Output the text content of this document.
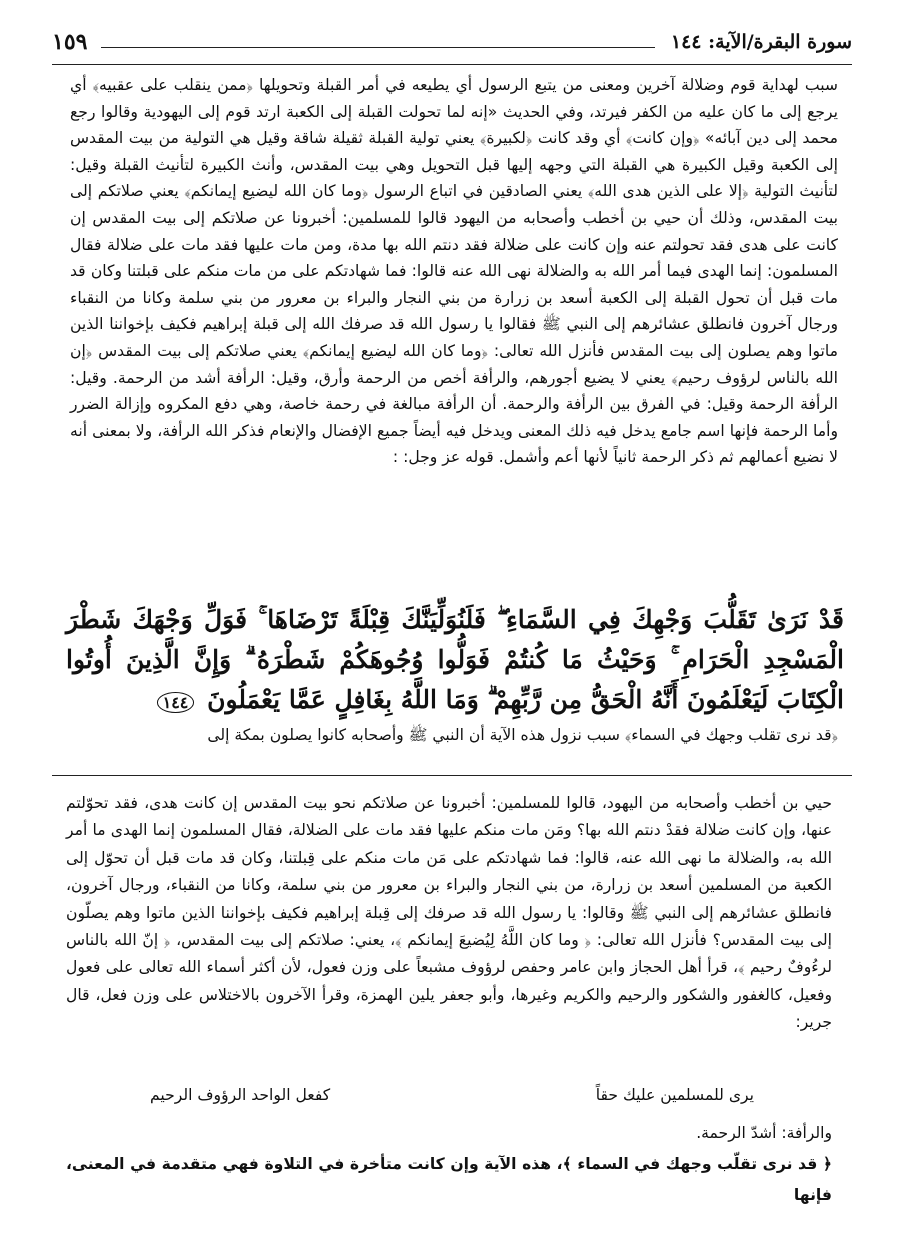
سورة البقرة/الآية: ١٤٤
١٥٩

سبب لهداية قوم وضلالة آخرين ومعنى من يتبع الرسول أي يطيعه في أمر القبلة وتحويلها ﴿ممن ينقلب على عقبيه﴾ أي يرجع إلى ما كان عليه من الكفر فيرتد، وفي الحديث «إنه لما تحولت القبلة إلى الكعبة ارتد قوم إلى اليهودية وقالوا رجع محمد إلى دين آبائه» ﴿وإن كانت﴾ أي وقد كانت ﴿لكبيرة﴾ يعني تولية القبلة ثقيلة شاقة وقيل هي التولية من بيت المقدس إلى الكعبة وقيل الكبيرة هي القبلة التي وجهه إليها قبل التحويل وهي بيت المقدس، وأنث الكبيرة لتأنيث القبلة وقيل: لتأنيث التولية ﴿إلا على الذين هدى الله﴾ يعني الصادقين في اتباع الرسول ﴿وما كان الله ليضيع إيمانكم﴾ يعني صلاتكم إلى بيت المقدس، وذلك أن حيي بن أخطب وأصحابه من اليهود قالوا للمسلمين: أخبرونا عن صلاتكم إلى بيت المقدس إن كانت على هدى فقد تحولتم عنه وإن كانت على ضلالة فقد دنتم الله بها مدة، ومن مات عليها فقد مات على ضلالة فقال المسلمون: إنما الهدى فيما أمر الله به والضلالة نهى الله عنه قالوا: فما شهادتكم على من مات منكم على قبلتنا وكان قد مات قبل أن تحول القبلة إلى الكعبة أسعد بن زرارة من بني النجار والبراء بن معرور من بني سلمة وكانا من النقباء ورجال آخرون فانطلق عشائرهم إلى النبي ﷺ فقالوا يا رسول الله قد صرفك الله إلى قبلة إبراهيم فكيف بإخواننا الذين ماتوا وهم يصلون إلى بيت المقدس فأنزل الله تعالى: ﴿وما كان الله ليضيع إيمانكم﴾ يعني صلاتكم إلى بيت المقدس ﴿إن الله بالناس لرؤوف رحيم﴾ يعني لا يضيع أجورهم، والرأفة أخص من الرحمة وأرق، وقيل: الرأفة أشد من الرحمة. وقيل: الرأفة الرحمة وقيل: في الفرق بين الرأفة والرحمة. أن الرأفة مبالغة في رحمة خاصة، وهي دفع المكروه وإزالة الضرر وأما الرحمة فإنها اسم جامع يدخل فيه ذلك المعنى ويدخل فيه أيضاً جميع الإفضال والإنعام فذكر الله الرأفة، ولا بمعنى أنه لا نضيع أعمالهم ثم ذكر الرحمة ثانياً لأنها أعم وأشمل. قوله عز وجل: :

قَدْ نَرَىٰ تَقَلُّبَ وَجْهِكَ فِي السَّمَاءِ ۖ فَلَنُوَلِّيَنَّكَ قِبْلَةً تَرْضَاهَا ۚ فَوَلِّ وَجْهَكَ شَطْرَ الْمَسْجِدِ الْحَرَامِ ۚ وَحَيْثُ مَا كُنتُمْ فَوَلُّوا وُجُوهَكُمْ شَطْرَهُ ۗ وَإِنَّ الَّذِينَ أُوتُوا الْكِتَابَ لَيَعْلَمُونَ أَنَّهُ الْحَقُّ مِن رَّبِّهِمْ ۗ وَمَا اللَّهُ بِغَافِلٍ عَمَّا يَعْمَلُونَ ١٤٤
﴿قد نرى تقلب وجهك في السماء﴾ سبب نزول هذه الآية أن النبي ﷺ وأصحابه كانوا يصلون بمكة إلى

حيي بن أخطب وأصحابه من اليهود، قالوا للمسلمين: أخبرونا عن صلاتكم نحو بيت المقدس إن كانت هدى، فقد تحوّلتم عنها، وإن كانت ضلالة فقدْ دنتم الله بها؟ ومَن مات منكم عليها فقد مات على الضلالة، فقال المسلمون إنما الهدى ما أمر الله به، والضلالة ما نهى الله عنه، قالوا: فما شهادتكم على مَن مات منكم على قِبلتنا، وكان قد مات قبل أن تحوّل إلى الكعبة من المسلمين أسعد بن زرارة، من بني النجار والبراء بن معرور من بني سلمة، وكانا من النقباء، ورجال آخرون، فانطلق عشائرهم إلى النبي ﷺ وقالوا: يا رسول الله قد صرفك إلى قِبلة إبراهيم فكيف بإخواننا الذين ماتوا وهم يصلّون إلى بيت المقدس؟ فأنزل الله تعالى: ﴿ وما كان اللَّهُ لِيُضيعَ إيمانكم ﴾، يعني: صلاتكم إلى بيت المقدس، ﴿ إنّ الله بالناس لرءُوفٌ رحيم ﴾، قرأ أهل الحجاز وابن عامر وحفص لرؤوف مشبعاً على وزن فعول، لأن أكثر أسماء الله تعالى على فعول وفعيل، كالغفور والشكور والرحيم والكريم وغيرها، وأبو جعفر يلين الهمزة، وقرأ الآخرون بالاختلاس على وزن فعل، قال جرير:

يرى للمسلمين عليك حقاً
كفعل الواحد الرؤوف الرحيم

والرأفة: أشدّ الرحمة.

﴿ قد نرى تقلّب وجهك في السماء ﴾، هذه الآية وإن كانت متأخرة في التلاوة فهي متقدمة في المعنى، فإنها
